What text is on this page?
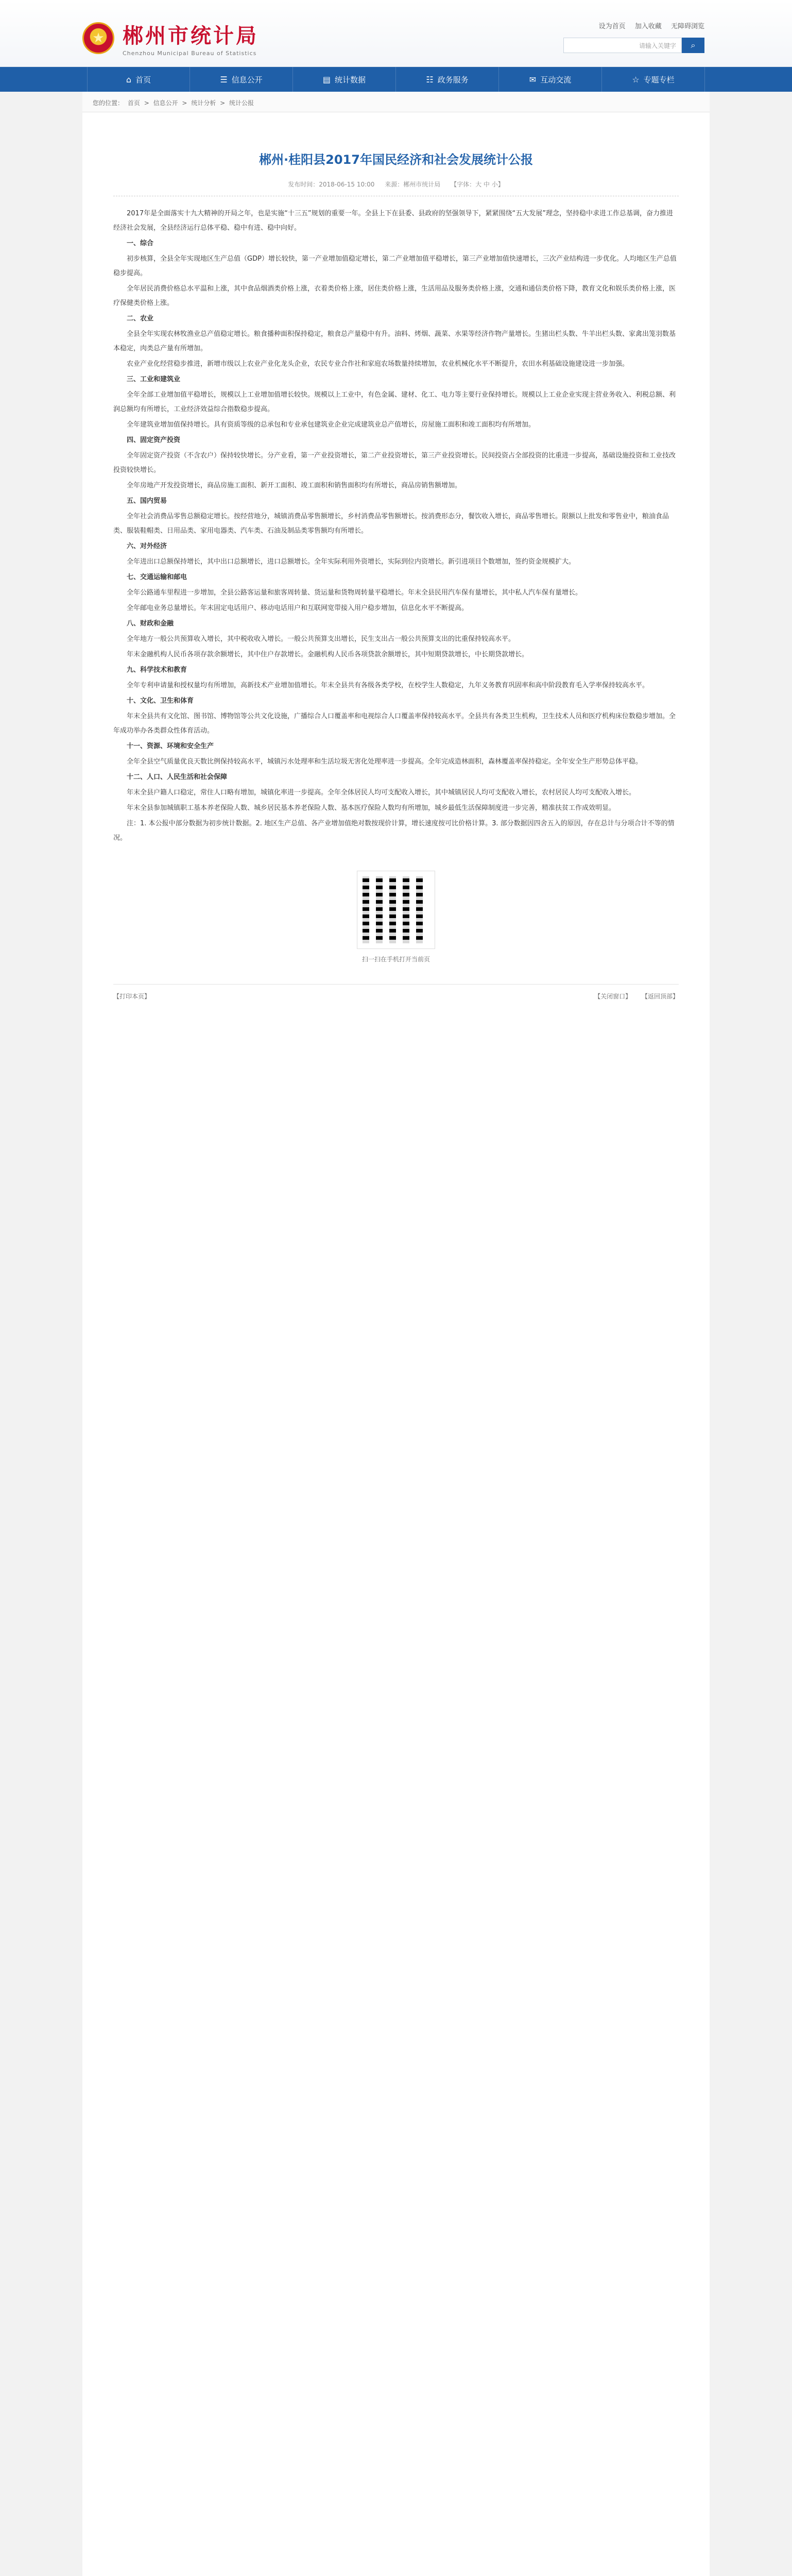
★ 郴州市统计局
Chenzhou Municipal Bureau of Statistics
设为首页 加入收藏 无障碍浏览
请输入关键字	⌕
⌂ 首页	☰ 信息公开	▤ 统计数据	☷ 政务服务	✉ 互动交流	☆ 专题专栏
您的位置： 首页 > 信息公开 > 统计分析 > 统计公报
郴州·桂阳县2017年国民经济和社会发展统计公报
发布时间：2018-06-15 10:00 来源：郴州市统计局 【字体：大 中 小】

2017年是全面落实十九大精神的开局之年，也是实施“十三五”规划的重要一年。全县上下在县委、县政府的坚强领导下，紧紧围绕“五大发展”理念，坚持稳中求进工作总基调，奋力推进经济社会发展，全县经济运行总体平稳、稳中有进、稳中向好。

一、综合

初步核算，全县全年实现地区生产总值（GDP）增长较快，第一产业增加值稳定增长，第二产业增加值平稳增长，第三产业增加值快速增长，三次产业结构进一步优化。人均地区生产总值稳步提高。

全年居民消费价格总水平温和上涨，其中食品烟酒类价格上涨，衣着类价格上涨，居住类价格上涨，生活用品及服务类价格上涨，交通和通信类价格下降，教育文化和娱乐类价格上涨，医疗保健类价格上涨。

二、农业

全县全年实现农林牧渔业总产值稳定增长。粮食播种面积保持稳定，粮食总产量稳中有升。油料、烤烟、蔬菜、水果等经济作物产量增长。生猪出栏头数、牛羊出栏头数、家禽出笼羽数基本稳定，肉类总产量有所增加。

农业产业化经营稳步推进，新增市级以上农业产业化龙头企业，农民专业合作社和家庭农场数量持续增加，农业机械化水平不断提升，农田水利基础设施建设进一步加强。

三、工业和建筑业

全年全部工业增加值平稳增长，规模以上工业增加值增长较快。规模以上工业中，有色金属、建材、化工、电力等主要行业保持增长。规模以上工业企业实现主营业务收入、利税总额、利润总额均有所增长，工业经济效益综合指数稳步提高。

全年建筑业增加值保持增长。具有资质等级的总承包和专业承包建筑业企业完成建筑业总产值增长，房屋施工面积和竣工面积均有所增加。

四、固定资产投资

全年固定资产投资（不含农户）保持较快增长。分产业看，第一产业投资增长，第二产业投资增长，第三产业投资增长。民间投资占全部投资的比重进一步提高，基础设施投资和工业技改投资较快增长。

全年房地产开发投资增长，商品房施工面积、新开工面积、竣工面积和销售面积均有所增长，商品房销售额增加。

五、国内贸易

全年社会消费品零售总额稳定增长。按经营地分，城镇消费品零售额增长，乡村消费品零售额增长。按消费形态分，餐饮收入增长，商品零售增长。限额以上批发和零售业中，粮油食品类、服装鞋帽类、日用品类、家用电器类、汽车类、石油及制品类零售额均有所增长。

六、对外经济

全年进出口总额保持增长，其中出口总额增长，进口总额增长。全年实际利用外资增长，实际到位内资增长。新引进项目个数增加，签约资金规模扩大。

七、交通运输和邮电

全年公路通车里程进一步增加，全县公路客运量和旅客周转量、货运量和货物周转量平稳增长。年末全县民用汽车保有量增长，其中私人汽车保有量增长。

全年邮电业务总量增长。年末固定电话用户、移动电话用户和互联网宽带接入用户稳步增加，信息化水平不断提高。

八、财政和金融

全年地方一般公共预算收入增长，其中税收收入增长。一般公共预算支出增长，民生支出占一般公共预算支出的比重保持较高水平。

年末金融机构人民币各项存款余额增长，其中住户存款增长。金融机构人民币各项贷款余额增长，其中短期贷款增长，中长期贷款增长。

九、科学技术和教育

全年专利申请量和授权量均有所增加，高新技术产业增加值增长。年末全县共有各级各类学校，在校学生人数稳定，九年义务教育巩固率和高中阶段教育毛入学率保持较高水平。

十、文化、卫生和体育

年末全县共有文化馆、图书馆、博物馆等公共文化设施，广播综合人口覆盖率和电视综合人口覆盖率保持较高水平。全县共有各类卫生机构，卫生技术人员和医疗机构床位数稳步增加。全年成功举办各类群众性体育活动。

十一、资源、环境和安全生产

全年全县空气质量优良天数比例保持较高水平，城镇污水处理率和生活垃圾无害化处理率进一步提高。全年完成造林面积，森林覆盖率保持稳定。全年安全生产形势总体平稳。

十二、人口、人民生活和社会保障

年末全县户籍人口稳定，常住人口略有增加，城镇化率进一步提高。全年全体居民人均可支配收入增长，其中城镇居民人均可支配收入增长，农村居民人均可支配收入增长。

年末全县参加城镇职工基本养老保险人数、城乡居民基本养老保险人数、基本医疗保险人数均有所增加，城乡最低生活保障制度进一步完善，精准扶贫工作成效明显。

注：1. 本公报中部分数据为初步统计数据。2. 地区生产总值、各产业增加值绝对数按现价计算，增长速度按可比价格计算。3. 部分数据因四舍五入的原因，存在总计与分项合计不等的情况。

扫一扫在手机打开当前页
【打印本页】	【关闭窗口】 【返回顶部】
